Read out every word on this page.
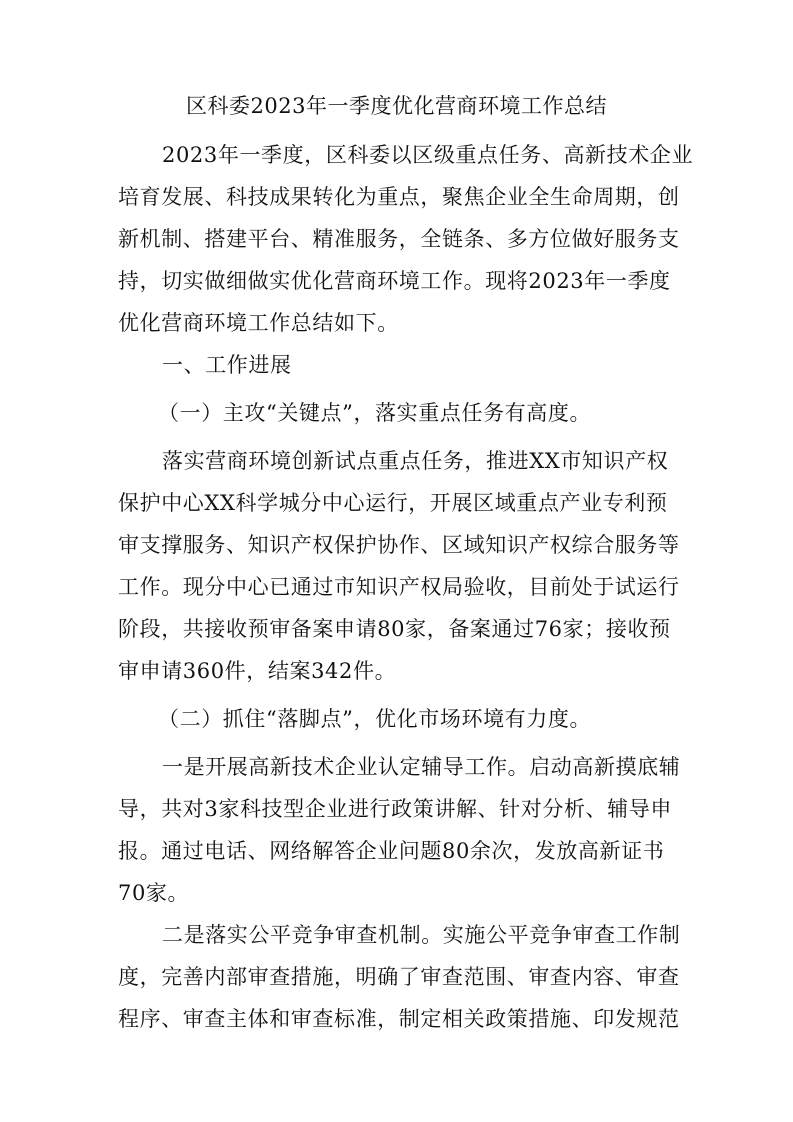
区科委2023年一季度优化营商环境工作总结
2023年一季度，区科委以区级重点任务、高新技术企业
培育发展、科技成果转化为重点，聚焦企业全生命周期，创
新机制、搭建平台、精准服务，全链条、多方位做好服务支
持，切实做细做实优化营商环境工作。现将2023年一季度
优化营商环境工作总结如下。
一、工作进展
（一）主攻“关键点”，落实重点任务有高度。
落实营商环境创新试点重点任务，推进XX市知识产权
保护中心XX科学城分中心运行，开展区域重点产业专利预
审支撑服务、知识产权保护协作、区域知识产权综合服务等
工作。现分中心已通过市知识产权局验收，目前处于试运行
阶段，共接收预审备案申请80家，备案通过76家；接收预
审申请360件，结案342件。
（二）抓住“落脚点”，优化市场环境有力度。
一是开展高新技术企业认定辅导工作。启动高新摸底辅
导，共对3家科技型企业进行政策讲解、针对分析、辅导申
报。通过电话、网络解答企业问题80余次，发放高新证书
70家。
二是落实公平竞争审查机制。实施公平竞争审查工作制
度，完善内部审查措施，明确了审查范围、审查内容、审查
程序、审查主体和审查标准，制定相关政策措施、印发规范
